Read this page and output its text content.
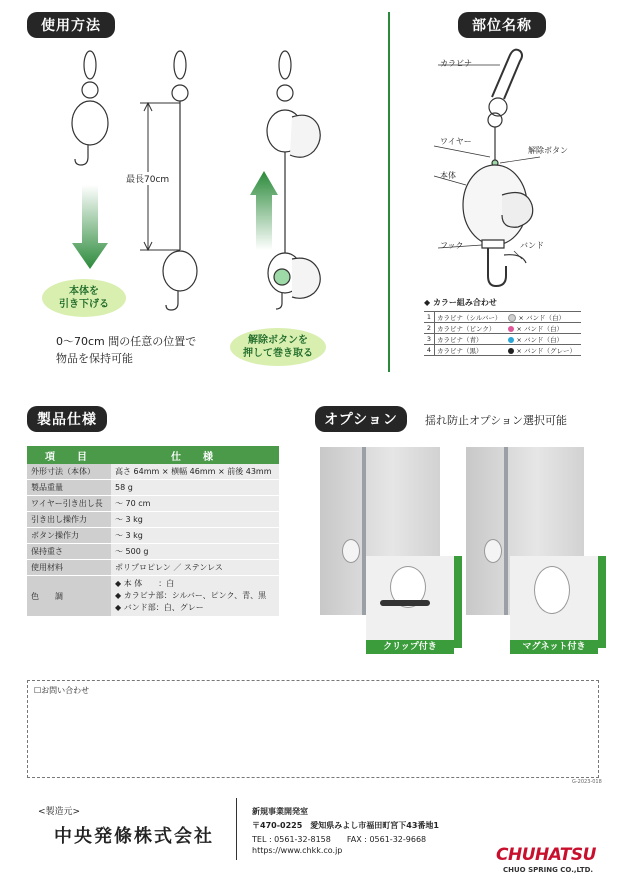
使用方法
最長70cm
本体を
引き下げる
解除ボタンを
押して巻き取る
0～70cm 間の任意の位置で
物品を保持可能
部位名称
カラビナ
ワイヤー
解除ボタン
本体
フック	バンド
◆ カラー組み合わせ
1	カラビナ（シルバー）	× バンド（白）
2	カラビナ（ピンク）	× バンド（白）
3	カラビナ（青）	× バンド（白）
4	カラビナ（黒）	× バンド（グレー）
製品仕様
項　目	仕　様
外形寸法（本体）	高さ 64mm × 横幅 46mm × 前後 43mm
製品重量	58 g
ワイヤー引き出し長	～ 70 cm
引き出し操作力	～ 3 kg
ボタン操作力	～ 3 kg
保持重さ	～ 500 g
使用材料	ポリプロピレン ／ ステンレス
色　　調	◆ 本 体　　：白
◆ カラビナ部：シルバー、ピンク、青、黒
◆ バンド部：白、グレー
オプション	揺れ防止オプション選択可能
クリップ付き	マグネット付き
☐お問い合わせ
G-2023-018
<製造元>
中央発條株式会社
新規事業開発室
〒470-0225　愛知県みよし市福田町宮下43番地1
TEL : 0561-32-8158　　FAX : 0561-32-9668
https://www.chkk.co.jp	CHUHATSU
CHUO SPRING CO.,LTD.
